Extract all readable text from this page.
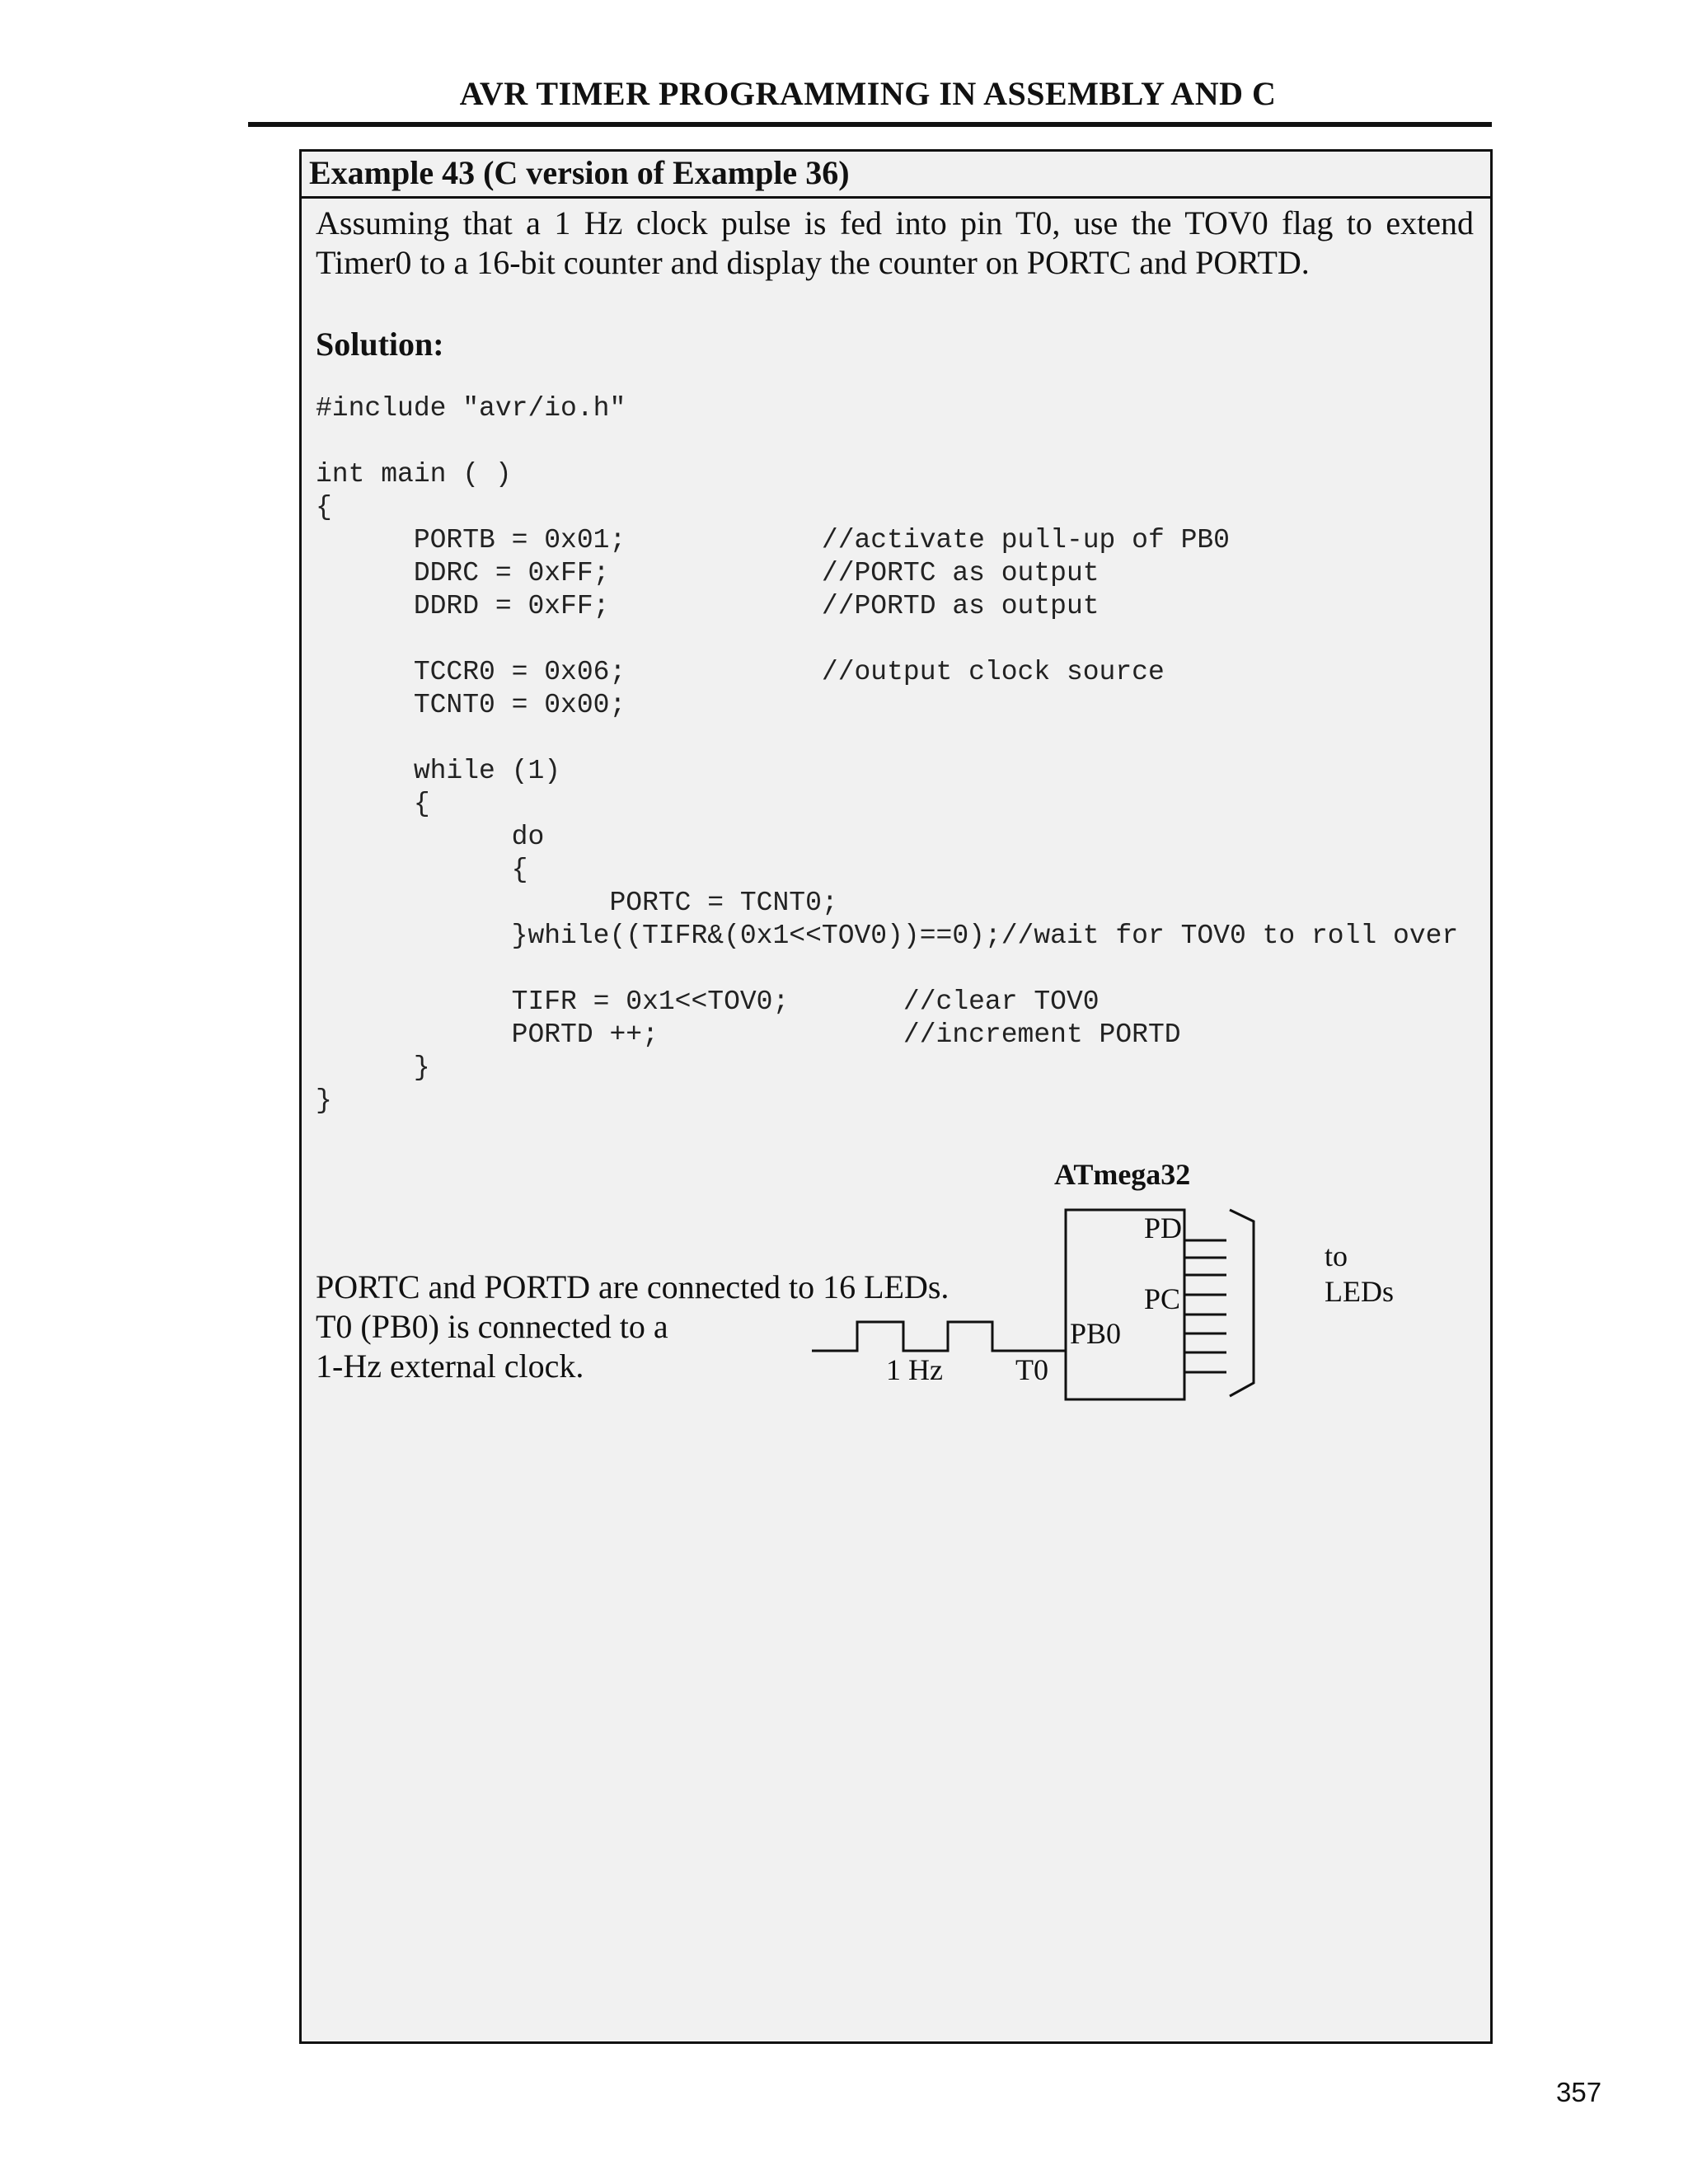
AVR TIMER PROGRAMMING IN ASSEMBLY AND C
Example 43 (C version of Example 36)
Assuming that a 1 Hz clock pulse is fed into pin T0, use the TOV0 flag to extend Timer0 to a 16-bit counter and display the counter on PORTC and PORTD.
Solution:
#include "avr/io.h"
int main ( )
{
PORTB = 0x01;            //activate pull-up of PB0
DDRC = 0xFF;             //PORTC as output
DDRD = 0xFF;             //PORTD as output
TCCR0 = 0x06;            //output clock source
TCNT0 = 0x00;
while (1)
{
do
{
PORTC = TCNT0;
}while((TIFR&(0x1<<TOV0))==0);//wait for TOV0 to roll over
TIFR = 0x1<<TOV0;       //clear TOV0
PORTD ++;               //increment PORTD
}
}
PORTC and PORTD are connected to 16 LEDs.
T0 (PB0) is connected to a
1-Hz external clock.
ATmega32
PD
PC
PB0
to
LEDs
1 Hz T0
357
